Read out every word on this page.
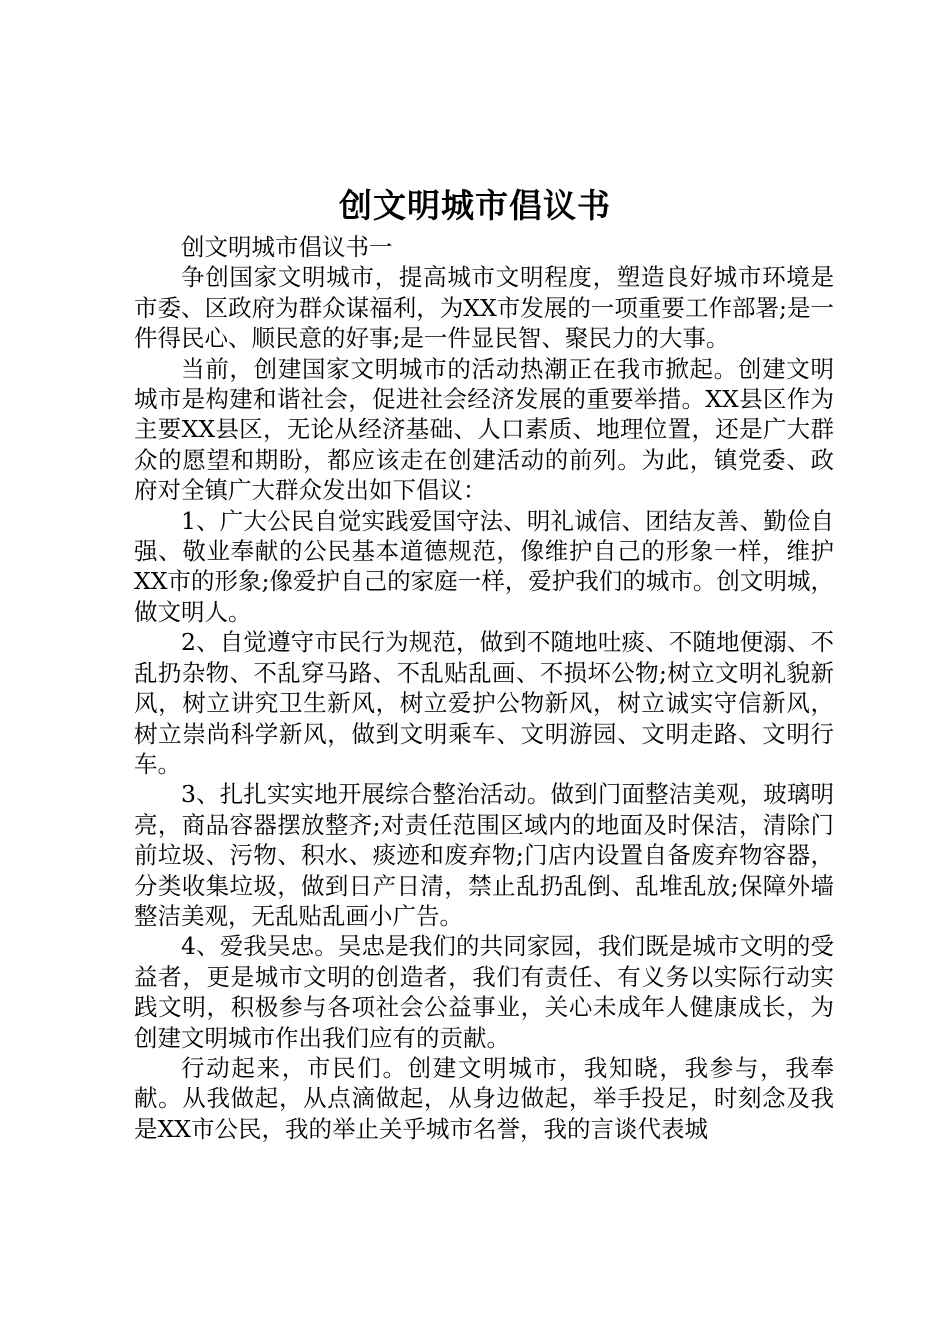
创文明城市倡议书

创文明城市倡议书一

争创国家文明城市，提高城市文明程度，塑造良好城市环境是市委、区政府为群众谋福利，为XX市发展的一项重要工作部署;是一件得民心、顺民意的好事;是一件显民智、聚民力的大事。

当前，创建国家文明城市的活动热潮正在我市掀起。创建文明城市是构建和谐社会，促进社会经济发展的重要举措。XX县区作为主要XX县区，无论从经济基础、人口素质、地理位置，还是广大群众的愿望和期盼，都应该走在创建活动的前列。为此，镇党委、政府对全镇广大群众发出如下倡议：

1、广大公民自觉实践爱国守法、明礼诚信、团结友善、勤俭自强、敬业奉献的公民基本道德规范，像维护自己的形象一样，维护XX市的形象;像爱护自己的家庭一样，爱护我们的城市。创文明城，做文明人。

2、自觉遵守市民行为规范，做到不随地吐痰、不随地便溺、不乱扔杂物、不乱穿马路、不乱贴乱画、不损坏公物;树立文明礼貌新风，树立讲究卫生新风，树立爱护公物新风，树立诚实守信新风，树立崇尚科学新风，做到文明乘车、文明游园、文明走路、文明行车。

3、扎扎实实地开展综合整治活动。做到门面整洁美观，玻璃明亮，商品容器摆放整齐;对责任范围区域内的地面及时保洁，清除门前垃圾、污物、积水、痰迹和废弃物;门店内设置自备废弃物容器，分类收集垃圾，做到日产日清，禁止乱扔乱倒、乱堆乱放;保障外墙整洁美观，无乱贴乱画小广告。

4、爱我吴忠。吴忠是我们的共同家园，我们既是城市文明的受益者，更是城市文明的创造者，我们有责任、有义务以实际行动实践文明，积极参与各项社会公益事业，关心未成年人健康成长，为创建文明城市作出我们应有的贡献。

行动起来，市民们。创建文明城市，我知晓，我参与，我奉献。从我做起，从点滴做起，从身边做起，举手投足，时刻念及我是XX市公民，我的举止关乎城市名誉，我的言谈代表城
